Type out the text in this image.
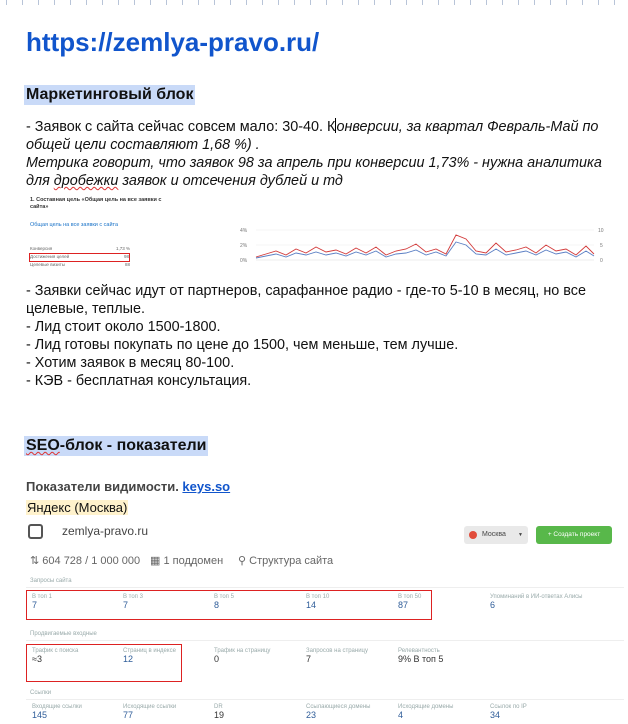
https://zemlya-pravo.ru/
Маркетинговый блок
- Заявок с сайта сейчас совсем мало: 30-40. Конверсии, за квартал Февраль-Май по
общей цели составляют 1,68 %) .
Метрика говорит, что заявок 98 за апрель при конверсии 1,73% - нужна аналитика
для дробежки заявок и отсечения дублей и тд
1. Составная цель «Общая цель на все заявки с
сайта»
Общая цель на все заявки с сайта
Конверсия	1,73 %
Достижения целей	98
Целевые визиты	88
4%
2%
0%
10
5
0
- Заявки сейчас идут от партнеров, сарафанное радио - где-то 5-10 в месяц, но все
целевые, теплые.
- Лид стоит около 1500-1800.
- Лид готовы покупать по цене до 1500, чем меньше, тем лучше.
- Хотим заявок в месяц 80-100.
- КЭВ - бесплатная консультация.
SEO-блок - показатели
Показатели видимости. keys.so
Яндекс (Москва)
zemlya-pravo.ru	Москва ▼	+ Создать проект
⇅ 604 728 / 1 000 000 ▦ 1 поддомен ⚲ Структура сайта
Запросы сайта
В топ 1
7
В топ 3
7
В топ 5
8
В топ 10
14
В топ 50
87
Упоминаний в ИИ-ответах Алисы
6
Продвигаемые входные
Трафик с поиска
≈3
Страниц в индексе
12
Трафик на страницу
0
Запросов на страницу
7
Релевантность
9% В топ 5
Ссылки
Входящие ссылки
145
Исходящие ссылки
77
DR
19
Ссылающиеся домены
23
Исходящие домены
4
Ссылок по IP
34
